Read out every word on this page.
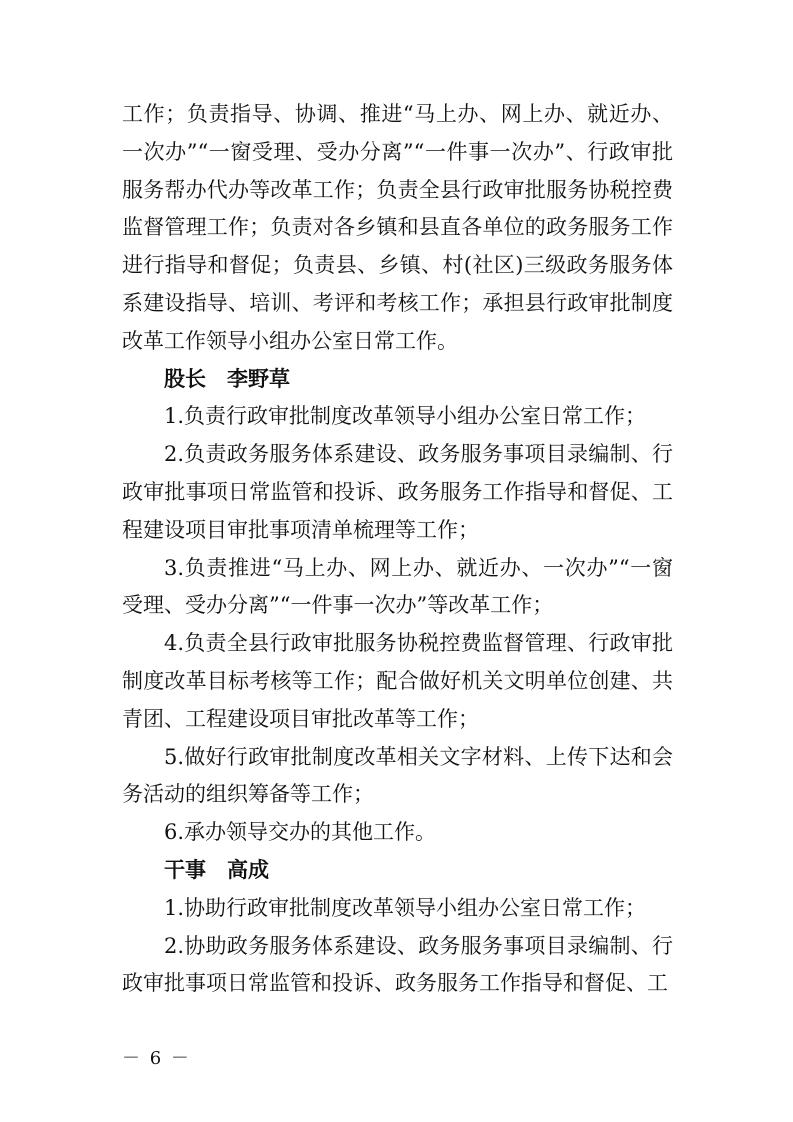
工作；负责指导、协调、推进“马上办、网上办、就近办、一次办”“一窗受理、受办分离”“一件事一次办”、行政审批服务帮办代办等改革工作；负责全县行政审批服务协税控费监督管理工作；负责对各乡镇和县直各单位的政务服务工作进行指导和督促；负责县、乡镇、村(社区)三级政务服务体系建设指导、培训、考评和考核工作；承担县行政审批制度改革工作领导小组办公室日常工作。

股长 李野草

1.负责行政审批制度改革领导小组办公室日常工作；

2.负责政务服务体系建设、政务服务事项目录编制、行政审批事项日常监管和投诉、政务服务工作指导和督促、工程建设项目审批事项清单梳理等工作；

3.负责推进“马上办、网上办、就近办、一次办”“一窗受理、受办分离”“一件事一次办”等改革工作；

4.负责全县行政审批服务协税控费监督管理、行政审批制度改革目标考核等工作；配合做好机关文明单位创建、共青团、工程建设项目审批改革等工作；

5.做好行政审批制度改革相关文字材料、上传下达和会务活动的组织筹备等工作；

6.承办领导交办的其他工作。

干事 高成

1.协助行政审批制度改革领导小组办公室日常工作；

2.协助政务服务体系建设、政务服务事项目录编制、行政审批事项日常监管和投诉、政务服务工作指导和督促、工

－ 6 －
